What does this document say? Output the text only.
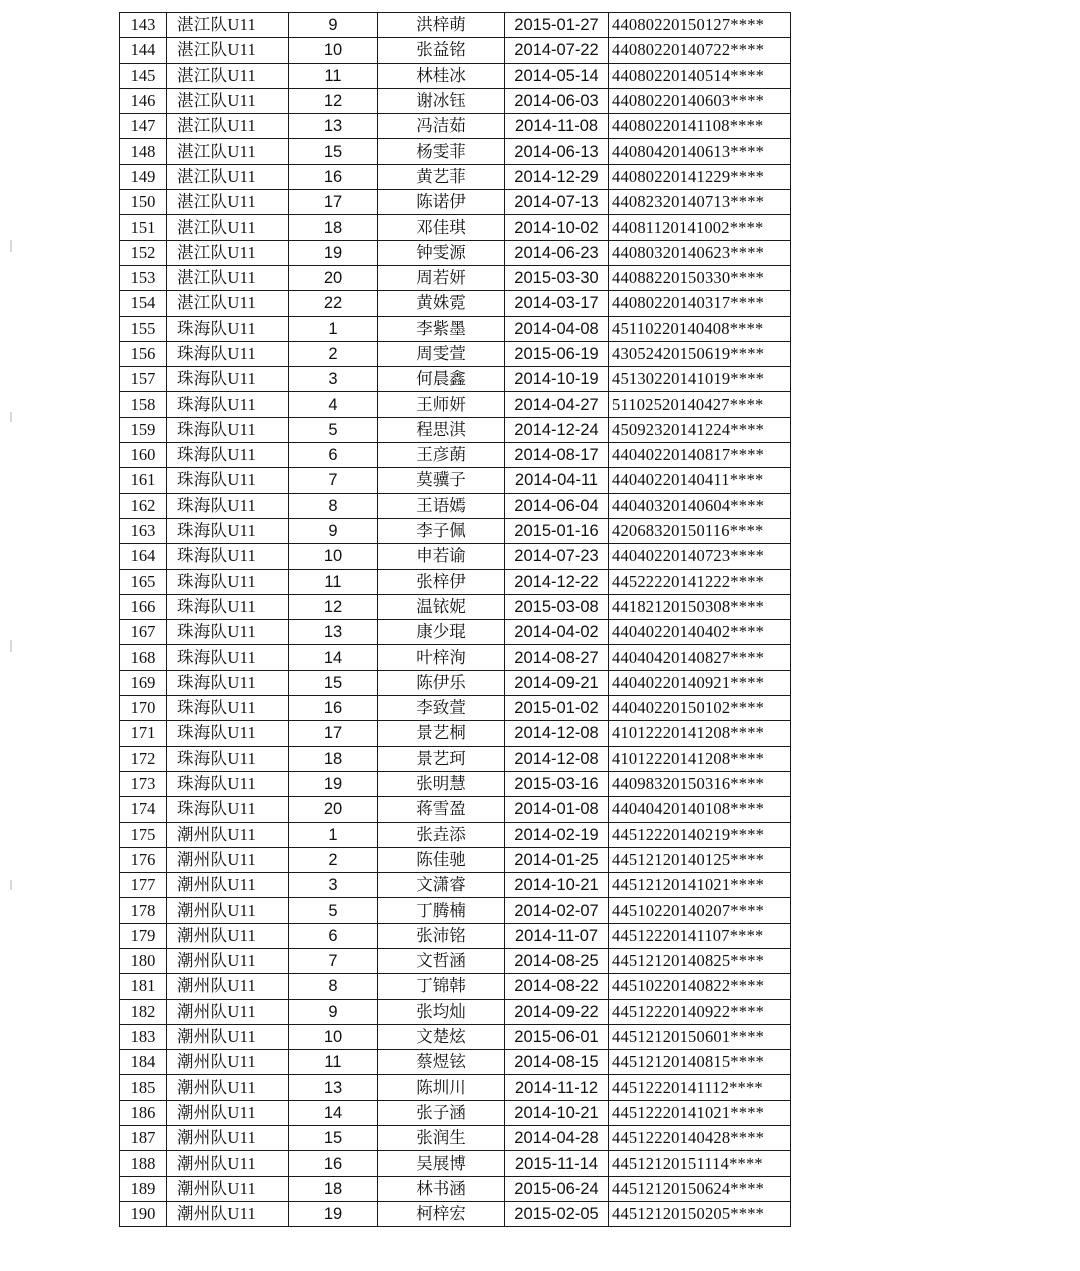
143	湛江队U11	9	洪梓萌	2015-01-27	44080220150127****
144	湛江队U11	10	张益铭	2014-07-22	44080220140722****
145	湛江队U11	11	林桂冰	2014-05-14	44080220140514****
146	湛江队U11	12	谢冰钰	2014-06-03	44080220140603****
147	湛江队U11	13	冯洁茹	2014-11-08	44080220141108****
148	湛江队U11	15	杨雯菲	2014-06-13	44080420140613****
149	湛江队U11	16	黄艺菲	2014-12-29	44080220141229****
150	湛江队U11	17	陈诺伊	2014-07-13	44082320140713****
151	湛江队U11	18	邓佳琪	2014-10-02	44081120141002****
152	湛江队U11	19	钟雯源	2014-06-23	44080320140623****
153	湛江队U11	20	周若妍	2015-03-30	44088220150330****
154	湛江队U11	22	黄姝霓	2014-03-17	44080220140317****
155	珠海队U11	1	李紫墨	2014-04-08	45110220140408****
156	珠海队U11	2	周雯萱	2015-06-19	43052420150619****
157	珠海队U11	3	何晨鑫	2014-10-19	45130220141019****
158	珠海队U11	4	王师妍	2014-04-27	51102520140427****
159	珠海队U11	5	程思淇	2014-12-24	45092320141224****
160	珠海队U11	6	王彦蓢	2014-08-17	44040220140817****
161	珠海队U11	7	莫骥子	2014-04-11	44040220140411****
162	珠海队U11	8	王语嫣	2014-06-04	44040320140604****
163	珠海队U11	9	李子佩	2015-01-16	42068320150116****
164	珠海队U11	10	申若谕	2014-07-23	44040220140723****
165	珠海队U11	11	张梓伊	2014-12-22	44522220141222****
166	珠海队U11	12	温铱妮	2015-03-08	44182120150308****
167	珠海队U11	13	康少琨	2014-04-02	44040220140402****
168	珠海队U11	14	叶梓洵	2014-08-27	44040420140827****
169	珠海队U11	15	陈伊乐	2014-09-21	44040220140921****
170	珠海队U11	16	李致萱	2015-01-02	44040220150102****
171	珠海队U11	17	景艺桐	2014-12-08	41012220141208****
172	珠海队U11	18	景艺珂	2014-12-08	41012220141208****
173	珠海队U11	19	张明慧	2015-03-16	44098320150316****
174	珠海队U11	20	蒋雪盈	2014-01-08	44040420140108****
175	潮州队U11	1	张垚添	2014-02-19	44512220140219****
176	潮州队U11	2	陈佳驰	2014-01-25	44512120140125****
177	潮州队U11	3	文潇睿	2014-10-21	44512120141021****
178	潮州队U11	5	丁腾楠	2014-02-07	44510220140207****
179	潮州队U11	6	张沛铭	2014-11-07	44512220141107****
180	潮州队U11	7	文哲涵	2014-08-25	44512120140825****
181	潮州队U11	8	丁锦韩	2014-08-22	44510220140822****
182	潮州队U11	9	张均灿	2014-09-22	44512220140922****
183	潮州队U11	10	文楚炫	2015-06-01	44512120150601****
184	潮州队U11	11	蔡煜铉	2014-08-15	44512120140815****
185	潮州队U11	13	陈圳川	2014-11-12	44512220141112****
186	潮州队U11	14	张子涵	2014-10-21	44512220141021****
187	潮州队U11	15	张润生	2014-04-28	44512220140428****
188	潮州队U11	16	吴展博	2015-11-14	44512120151114****
189	潮州队U11	18	林书涵	2015-06-24	44512120150624****
190	潮州队U11	19	柯梓宏	2015-02-05	44512120150205****
